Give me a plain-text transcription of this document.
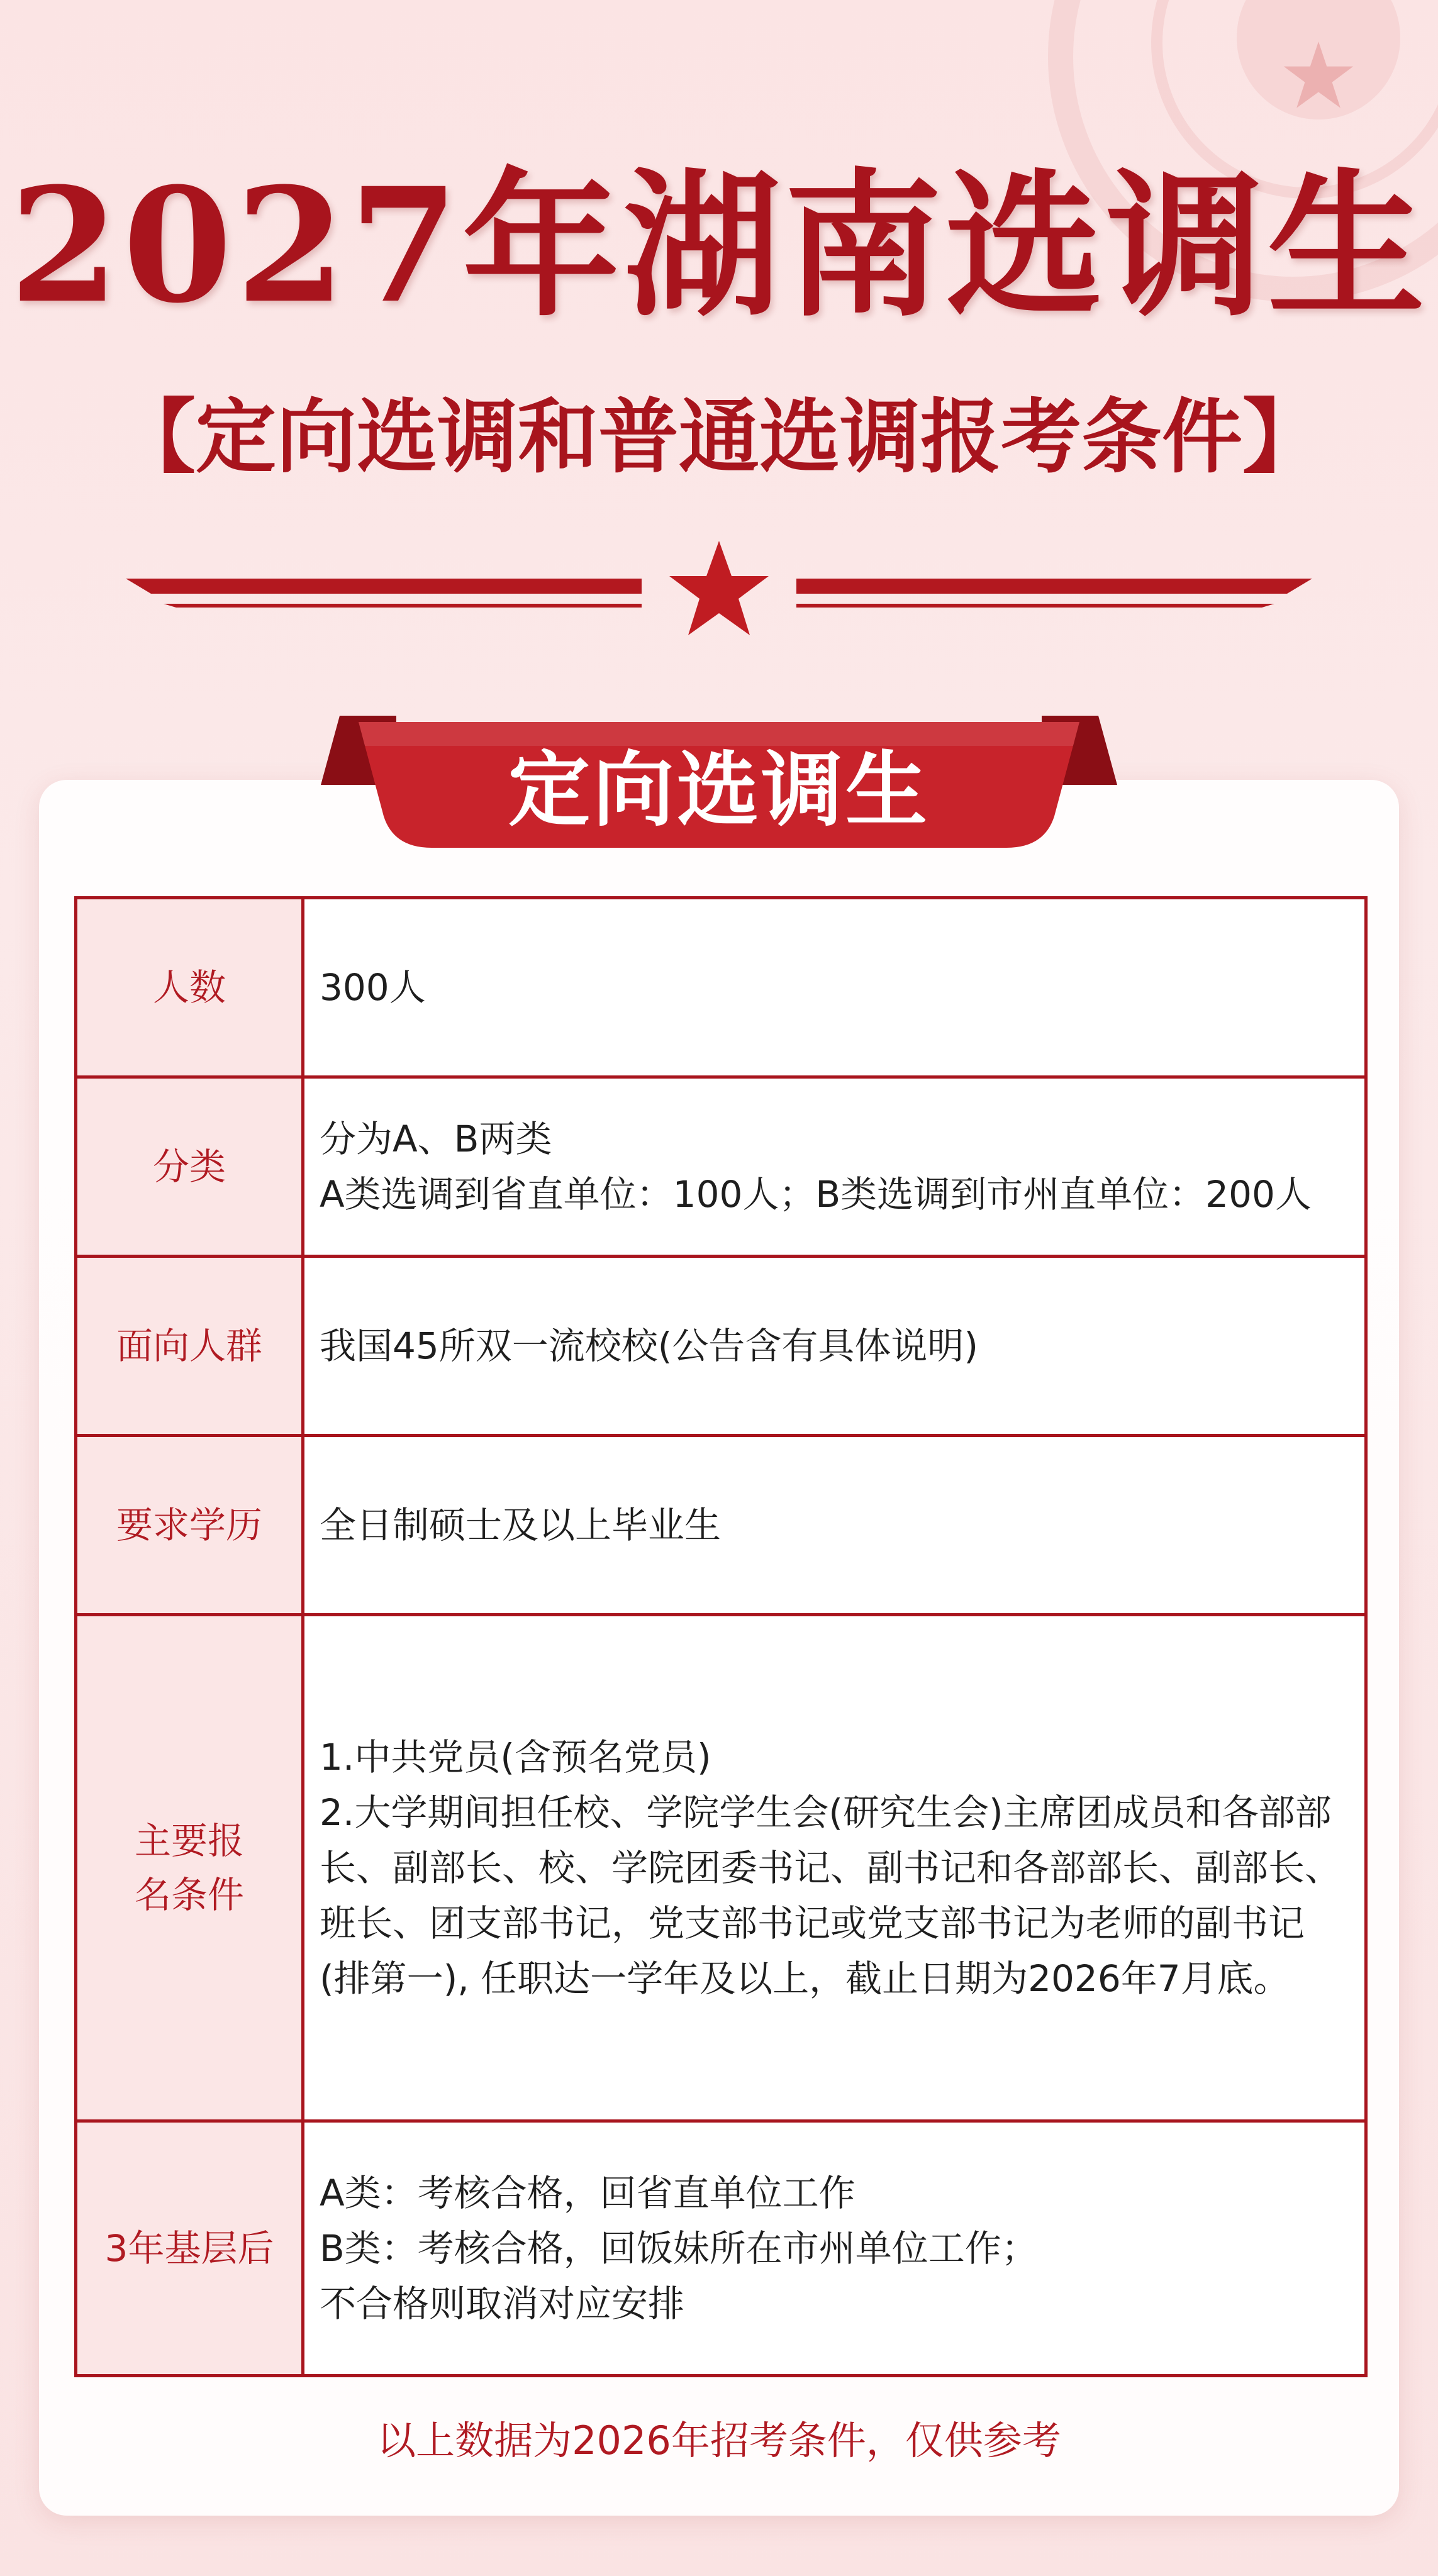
2027年湖南选调生
【定向选调和普通选调报考条件】
定向选调生
人数	300人

分类	分为A、B两类
A类选调到省直单位：100人；B类选调到市州直单位：200人

面向人群	我国45所双一流校校(公告含有具体说明)

要求学历	全日制硕士及以上毕业生

主要报名条件	1.中共党员(含预名党员)
2.大学期间担任校、学院学生会(研究生会)主席团成员和各部部长、副部长、校、学院团委书记、副书记和各部部长、副部长、班长、团支部书记，党支部书记或党支部书记为老师的副书记(排第一), 任职达一学年及以上，截止日期为2026年7月底。

3年基层后	A类：考核合格，回省直单位工作
B类：考核合格，回饭妹所在市州单位工作；
不合格则取消对应安排

以上数据为2026年招考条件，仅供参考
